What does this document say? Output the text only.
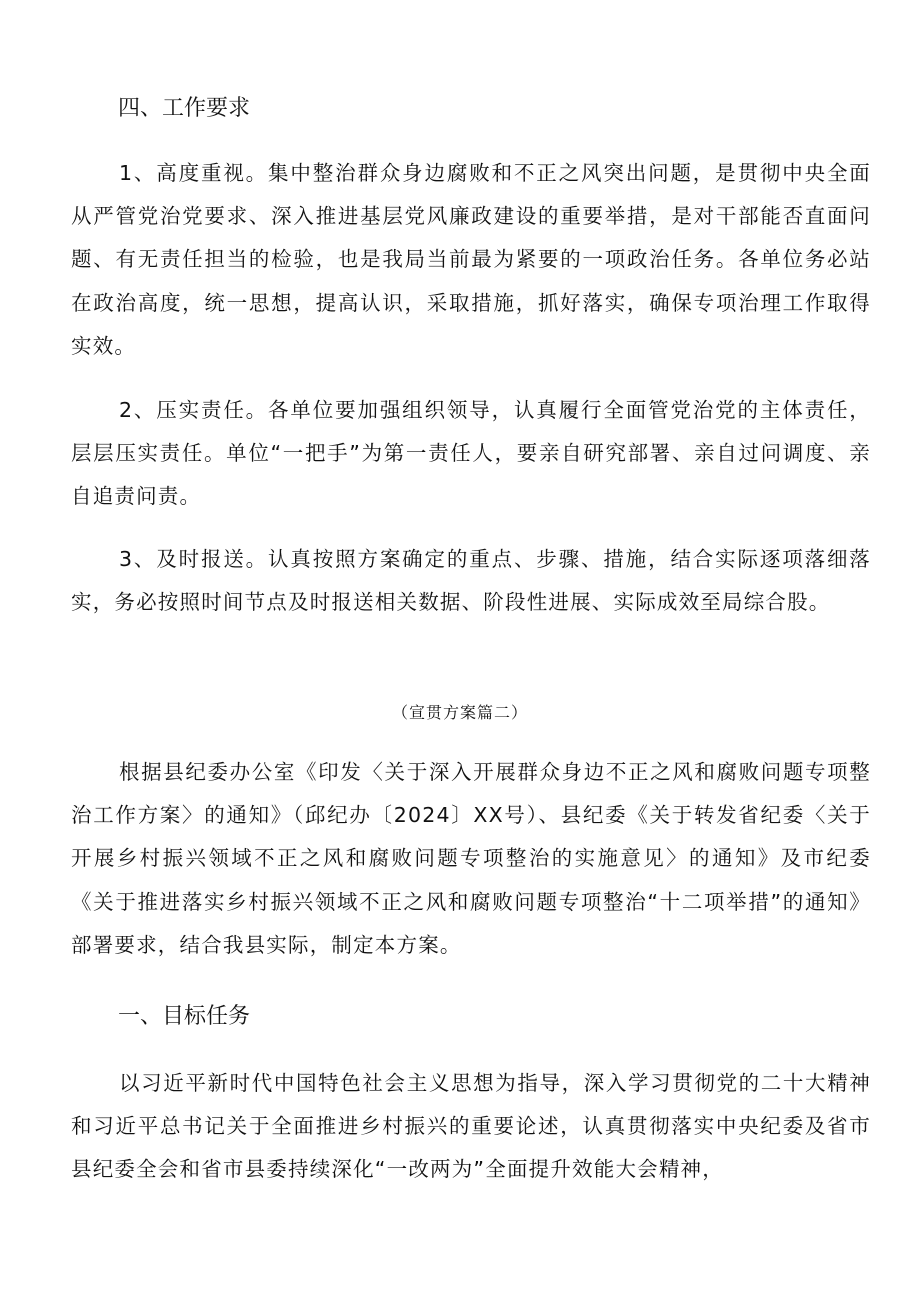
四、工作要求

1、高度重视。集中整治群众身边腐败和不正之风突出问题，是贯彻中央全面从严管党治党要求、深入推进基层党风廉政建设的重要举措，是对干部能否直面问题、有无责任担当的检验，也是我局当前最为紧要的一项政治任务。各单位务必站在政治高度，统一思想，提高认识，采取措施，抓好落实，确保专项治理工作取得实效。

2、压实责任。各单位要加强组织领导，认真履行全面管党治党的主体责任，层层压实责任。单位“一把手”为第一责任人，要亲自研究部署、亲自过问调度、亲自追责问责。

3、及时报送。认真按照方案确定的重点、步骤、措施，结合实际逐项落细落实，务必按照时间节点及时报送相关数据、阶段性进展、实际成效至局综合股。

（宣贯方案篇二）

根据县纪委办公室《印发〈关于深入开展群众身边不正之风和腐败问题专项整治工作方案〉的通知》（邱纪办〔2024〕XX号）、县纪委《关于转发省纪委〈关于开展乡村振兴领域不正之风和腐败问题专项整治的实施意见〉的通知》及市纪委《关于推进落实乡村振兴领域不正之风和腐败问题专项整治“十二项举措”的通知》部署要求，结合我县实际，制定本方案。

一、目标任务

以习近平新时代中国特色社会主义思想为指导，深入学习贯彻党的二十大精神和习近平总书记关于全面推进乡村振兴的重要论述，认真贯彻落实中央纪委及省市县纪委全会和省市县委持续深化“一改两为”全面提升效能大会精神，
